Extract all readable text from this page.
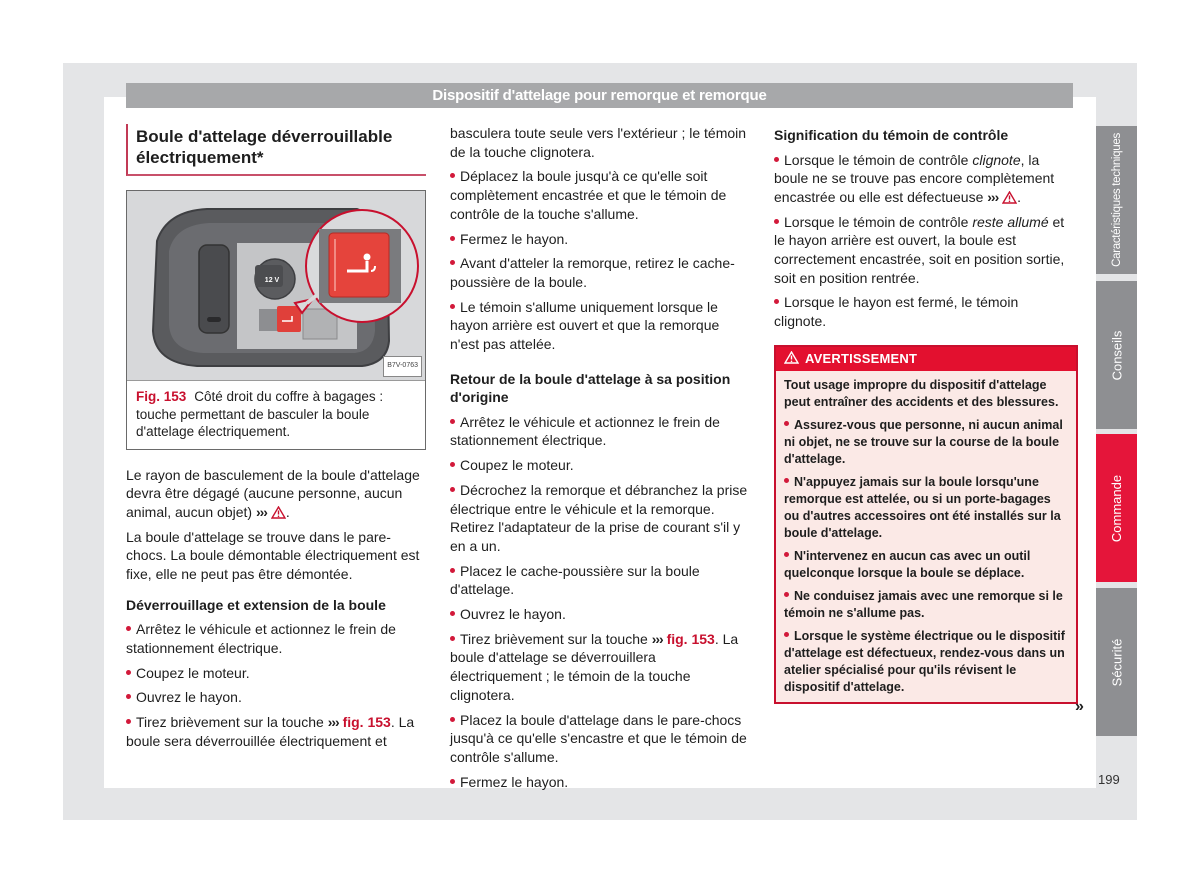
Dispositif d'attelage pour remorque et remorque
Boule d'attelage déverrouillable
électriquement*
12 V
B7V-0763
Fig. 153 Côté droit du coffre à bagages : touche permettant de basculer la boule d'attelage électriquement.

Le rayon de basculement de la boule d'attelage devra être dégagé (aucune personne, aucun animal, aucun objet) ››› .

La boule d'attelage se trouve dans le pare-chocs. La boule démontable électriquement est fixe, elle ne peut pas être démontée.

Déverrouillage et extension de la boule

Arrêtez le véhicule et actionnez le frein de stationnement électrique.

Coupez le moteur.

Ouvrez le hayon.

Tirez brièvement sur la touche ››› fig. 153. La boule sera déverrouillée électriquement et

basculera toute seule vers l'extérieur ; le témoin de la touche clignotera.

Déplacez la boule jusqu'à ce qu'elle soit complètement encastrée et que le témoin de contrôle de la touche s'allume.

Fermez le hayon.

Avant d'atteler la remorque, retirez le cache-poussière de la boule.

Le témoin s'allume uniquement lorsque le hayon arrière est ouvert et que la remorque n'est pas attelée.

Retour de la boule d'attelage à sa position d'origine

Arrêtez le véhicule et actionnez le frein de stationnement électrique.

Coupez le moteur.

Décrochez la remorque et débranchez la prise électrique entre le véhicule et la remorque. Retirez l'adaptateur de la prise de courant s'il y en a un.

Placez le cache-poussière sur la boule d'attelage.

Ouvrez le hayon.

Tirez brièvement sur la touche ››› fig. 153. La boule d'attelage se déverrouillera électriquement ; le témoin de la touche clignotera.

Placez la boule d'attelage dans le pare-chocs jusqu'à ce qu'elle s'encastre et que le témoin de contrôle s'allume.

Fermez le hayon.

Signification du témoin de contrôle

Lorsque le témoin de contrôle clignote, la boule ne se trouve pas encore complètement encastrée ou elle est défectueuse ››› .

Lorsque le témoin de contrôle reste allumé et le hayon arrière est ouvert, la boule est correctement encastrée, soit en position sortie, soit en position rentrée.

Lorsque le hayon est fermé, le témoin clignote.

AVERTISSEMENT

Tout usage impropre du dispositif d'attelage peut entraîner des accidents et des blessures.

Assurez-vous que personne, ni aucun animal ni objet, ne se trouve sur la course de la boule d'attelage.

N'appuyez jamais sur la boule lorsqu'une remorque est attelée, ou si un porte-bagages ou d'autres accessoires ont été installés sur la boule d'attelage.

N'intervenez en aucun cas avec un outil quelconque lorsque la boule se déplace.

Ne conduisez jamais avec une remorque si le témoin ne s'allume pas.

Lorsque le système électrique ou le dispositif d'attelage est défectueux, rendez-vous dans un atelier spécialisé pour qu'ils révisent le dispositif d'attelage.

»
Caractéristiques techniques
Conseils
Commande
Sécurité
199
